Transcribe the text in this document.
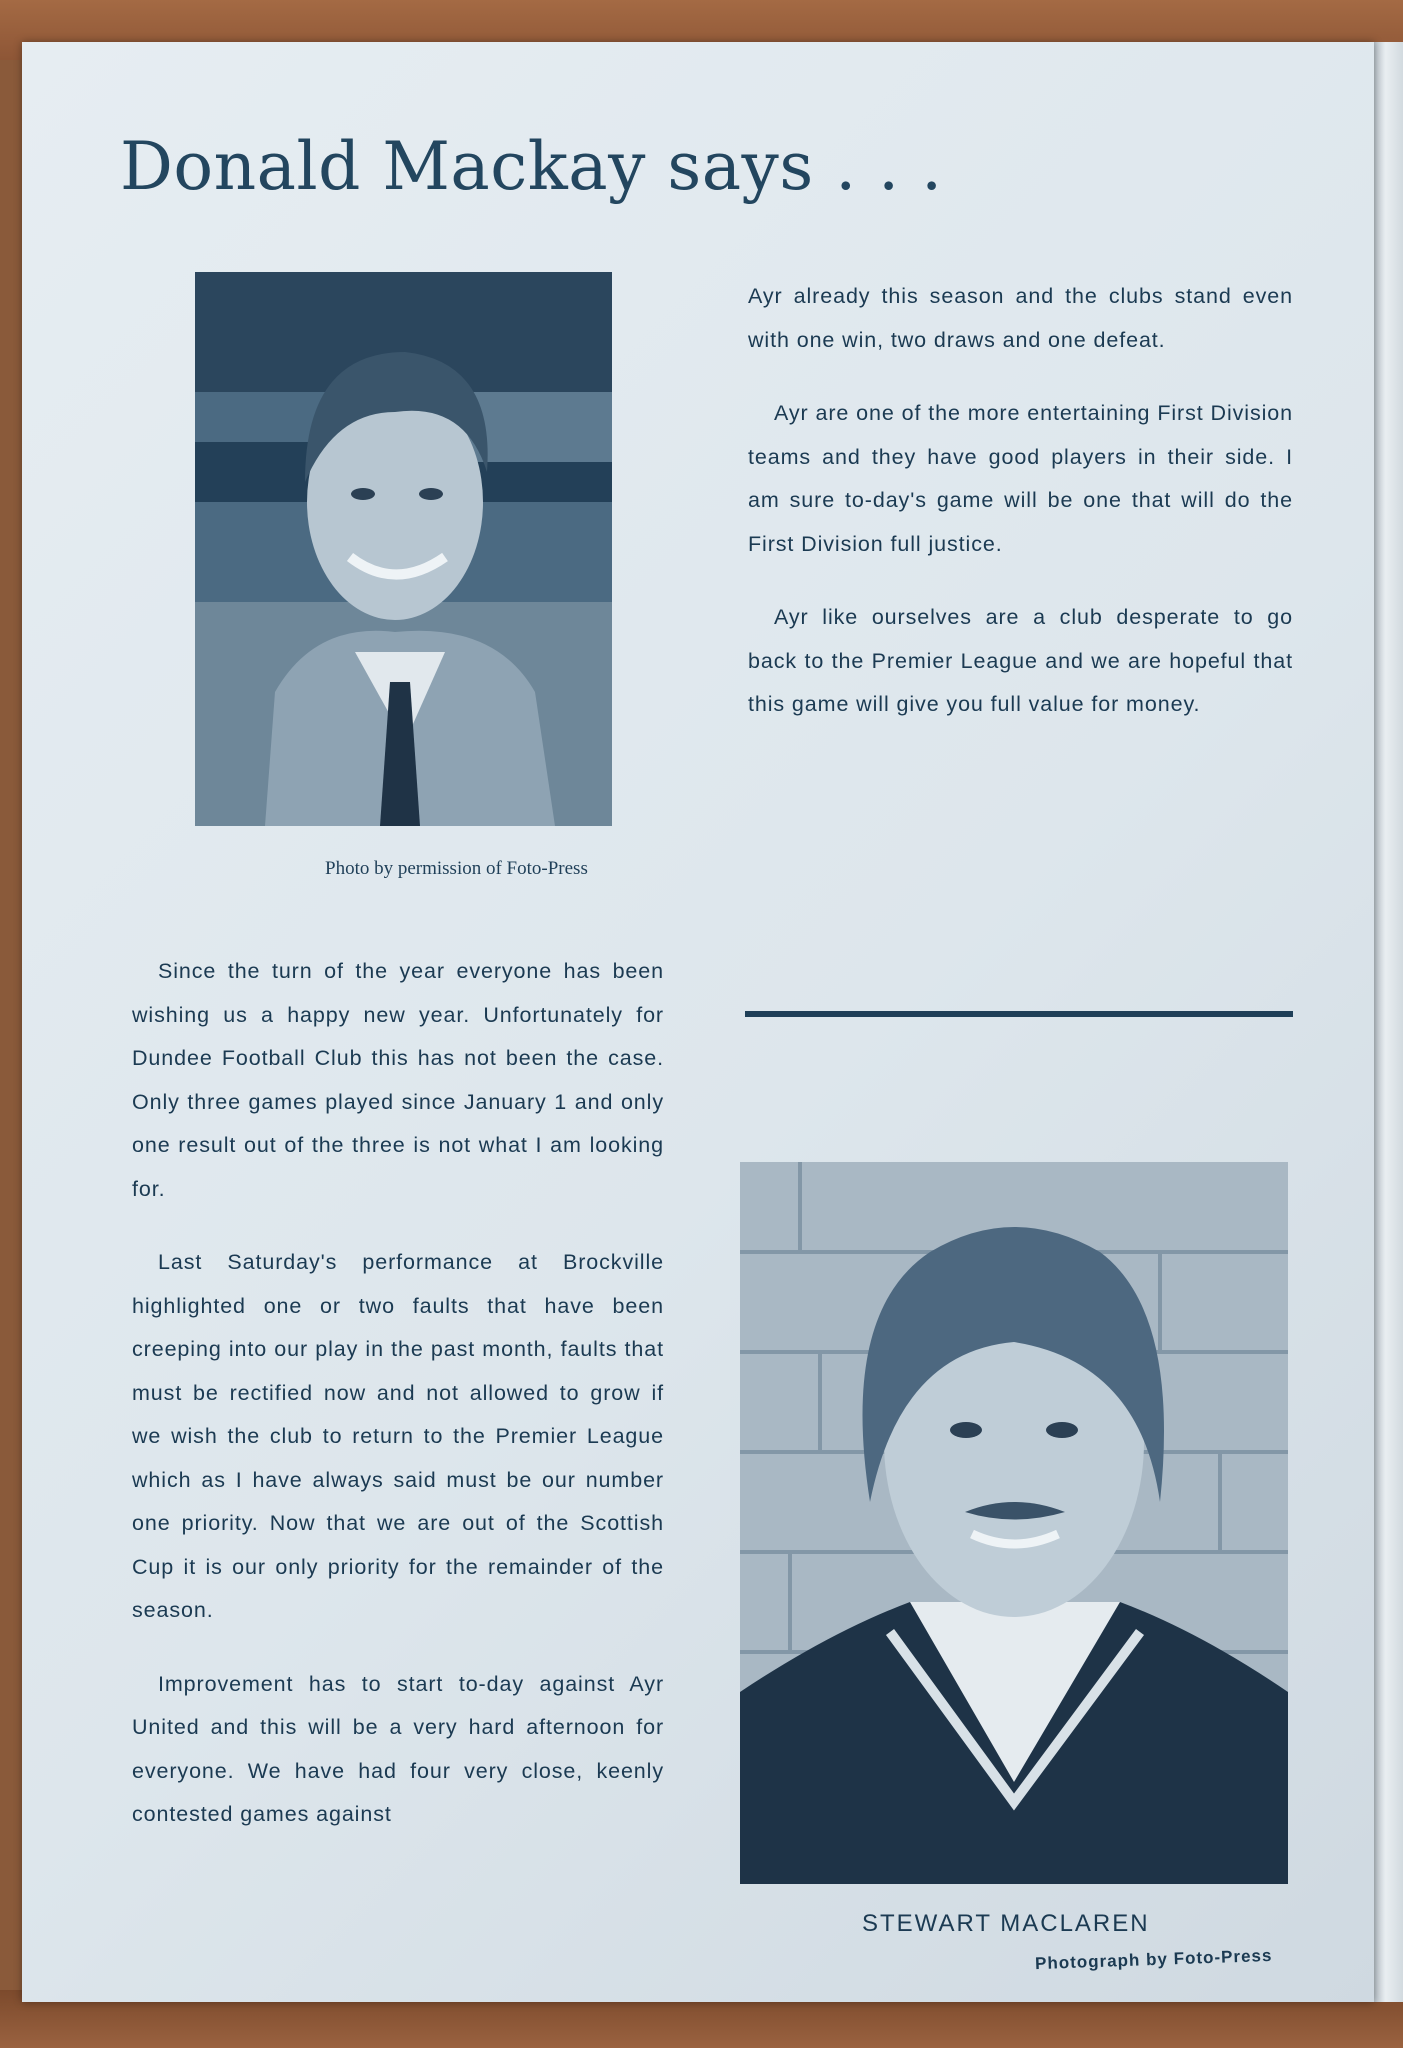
Donald Mackay says . . .
Photo by permission of Foto-Press

Ayr already this season and the clubs stand even with one win, two draws and one defeat.

Ayr are one of the more entertaining First Division teams and they have good players in their side. I am sure to-day's game will be one that will do the First Division full justice.

Ayr like ourselves are a club desperate to go back to the Premier League and we are hopeful that this game will give you full value for money.

Since the turn of the year everyone has been wishing us a happy new year. Unfortunately for Dundee Football Club this has not been the case. Only three games played since January 1 and only one result out of the three is not what I am looking for.

Last Saturday's performance at Brockville highlighted one or two faults that have been creeping into our play in the past month, faults that must be rectified now and not allowed to grow if we wish the club to return to the Premier League which as I have always said must be our number one priority. Now that we are out of the Scottish Cup it is our only priority for the remainder of the season.

Improvement has to start to-day against Ayr United and this will be a very hard afternoon for everyone. We have had four very close, keenly contested games against

STEWART MACLAREN
Photograph by Foto-Press
